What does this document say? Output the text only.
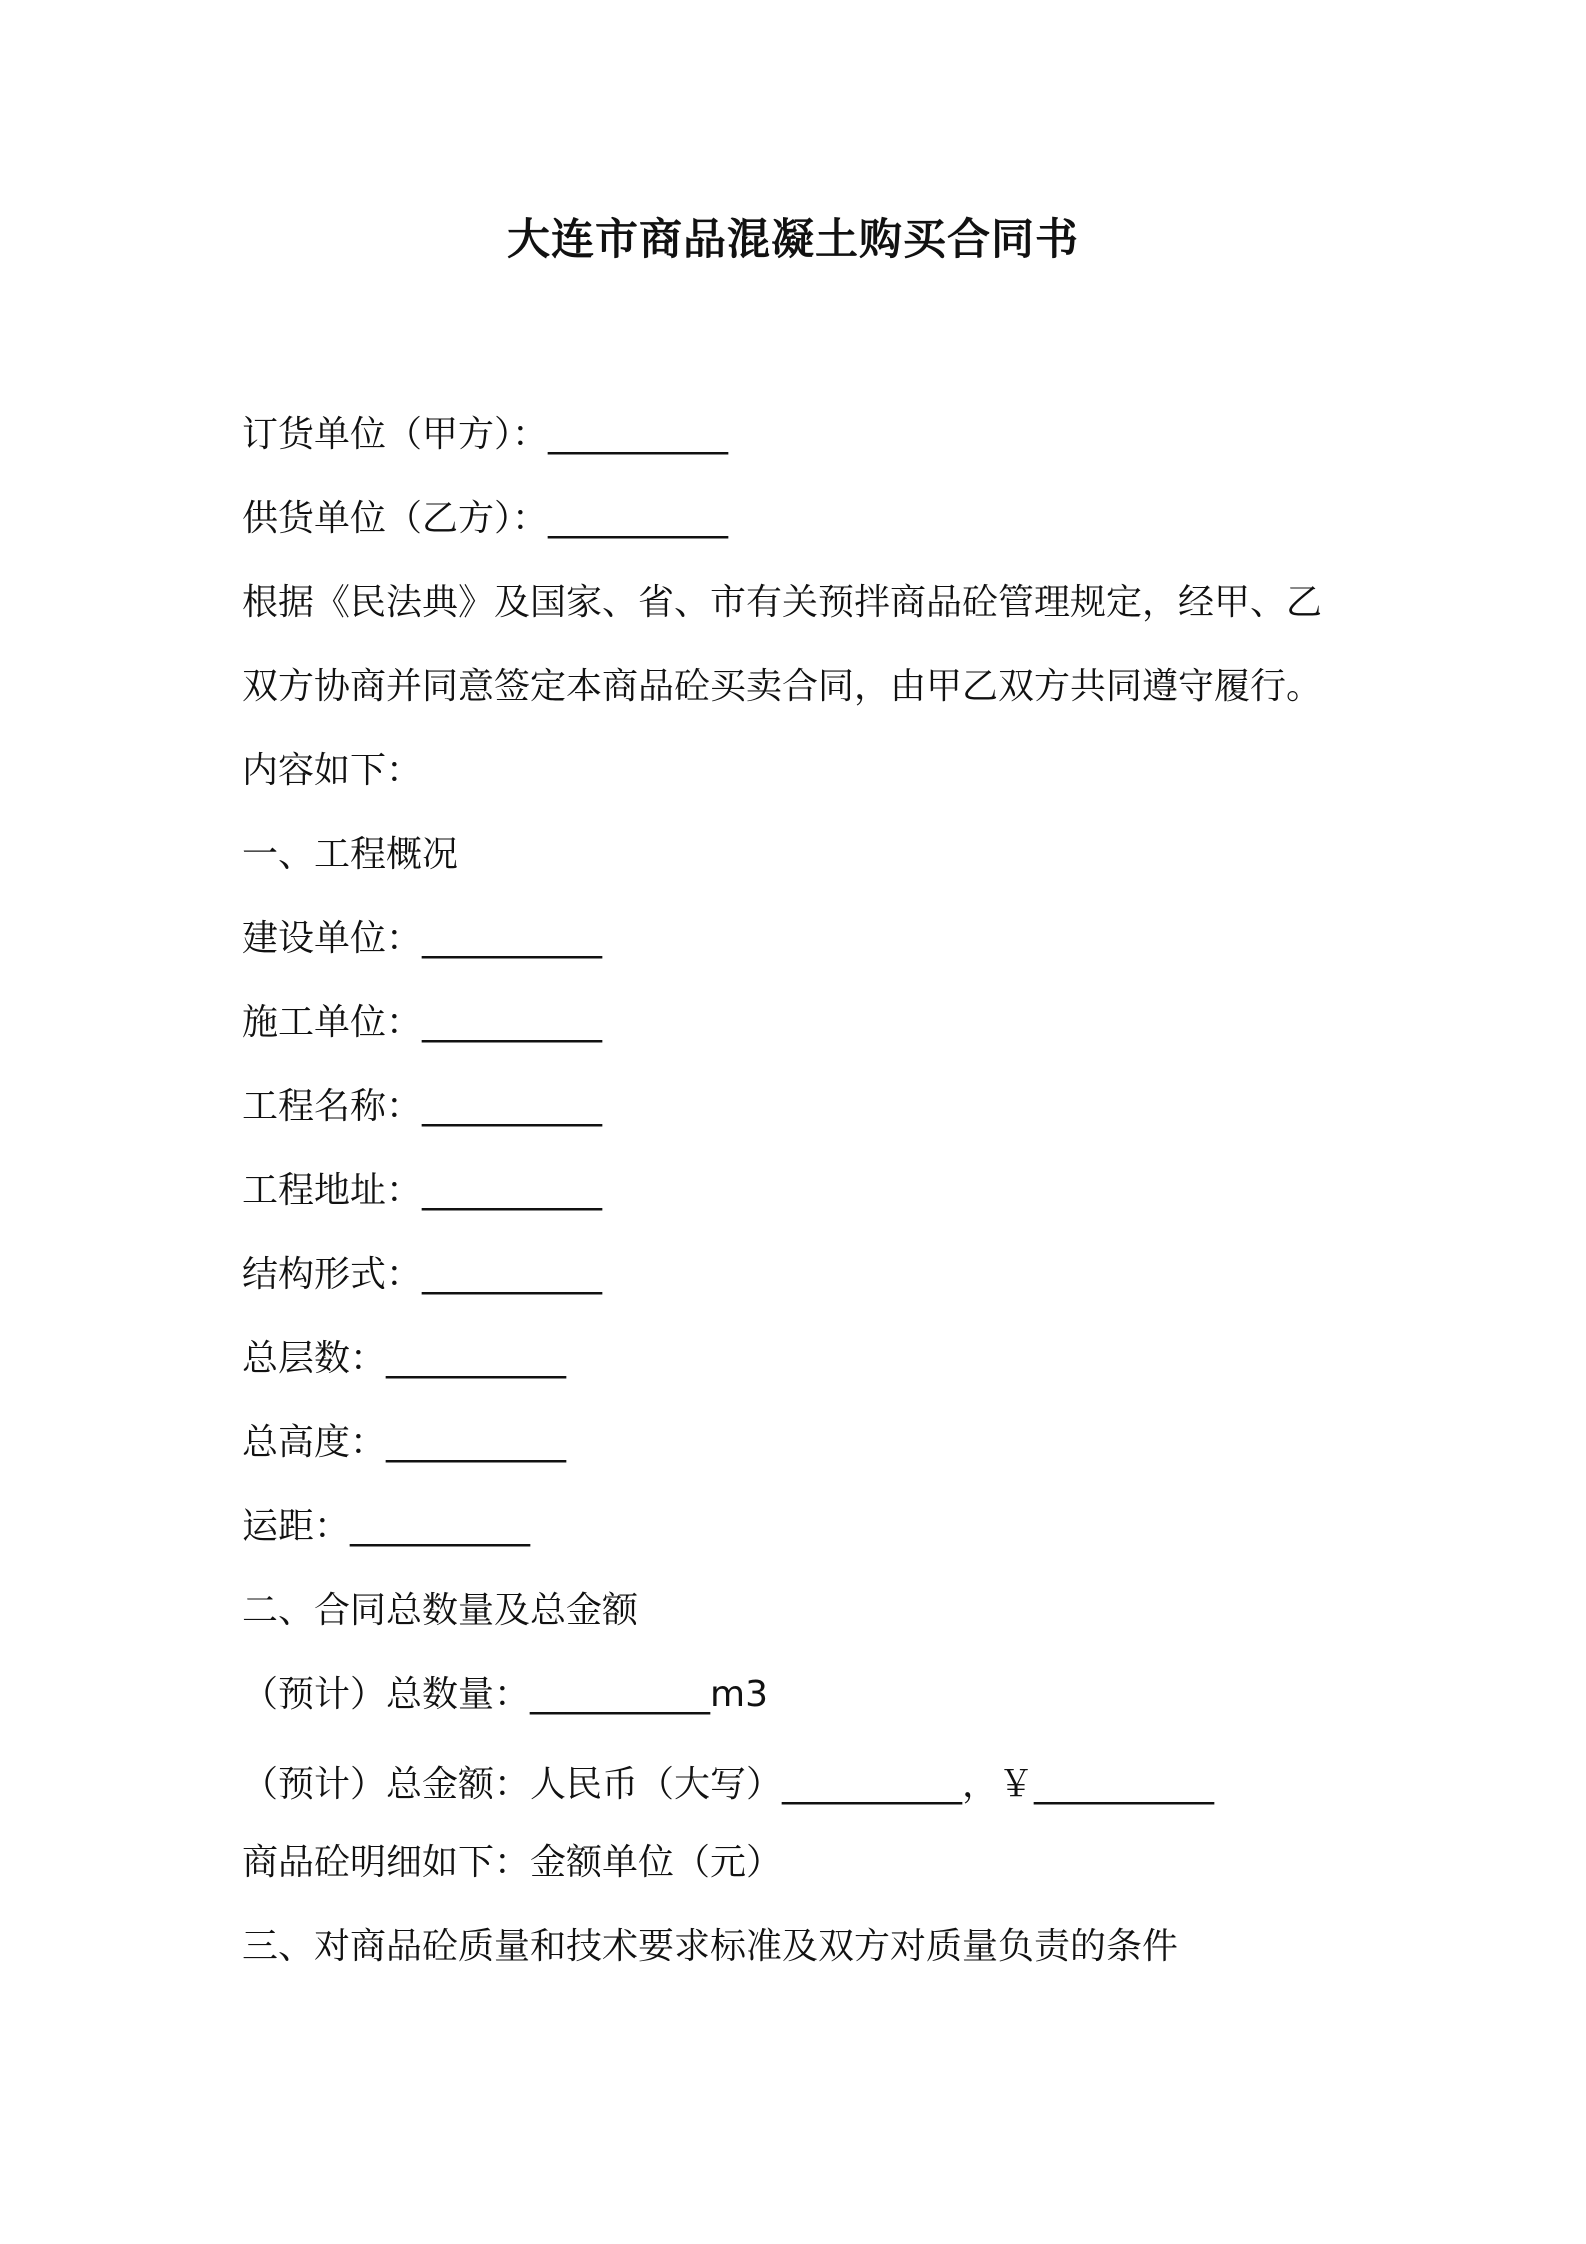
大连市商品混凝土购买合同书
订货单位（甲方）：__________
供货单位（乙方）：__________
根据《民法典》及国家、省、市有关预拌商品砼管理规定，经甲、乙
双方协商并同意签定本商品砼买卖合同，由甲乙双方共同遵守履行。
内容如下：
一、工程概况
建设单位：__________
施工单位：__________
工程名称：__________
工程地址：__________
结构形式：__________
总层数：__________
总高度：__________
运距：__________
二、合同总数量及总金额
（预计）总数量：__________m3
（预计）总金额：人民币（大写）__________，￥__________
商品砼明细如下：金额单位（元）
三、对商品砼质量和技术要求标准及双方对质量负责的条件
